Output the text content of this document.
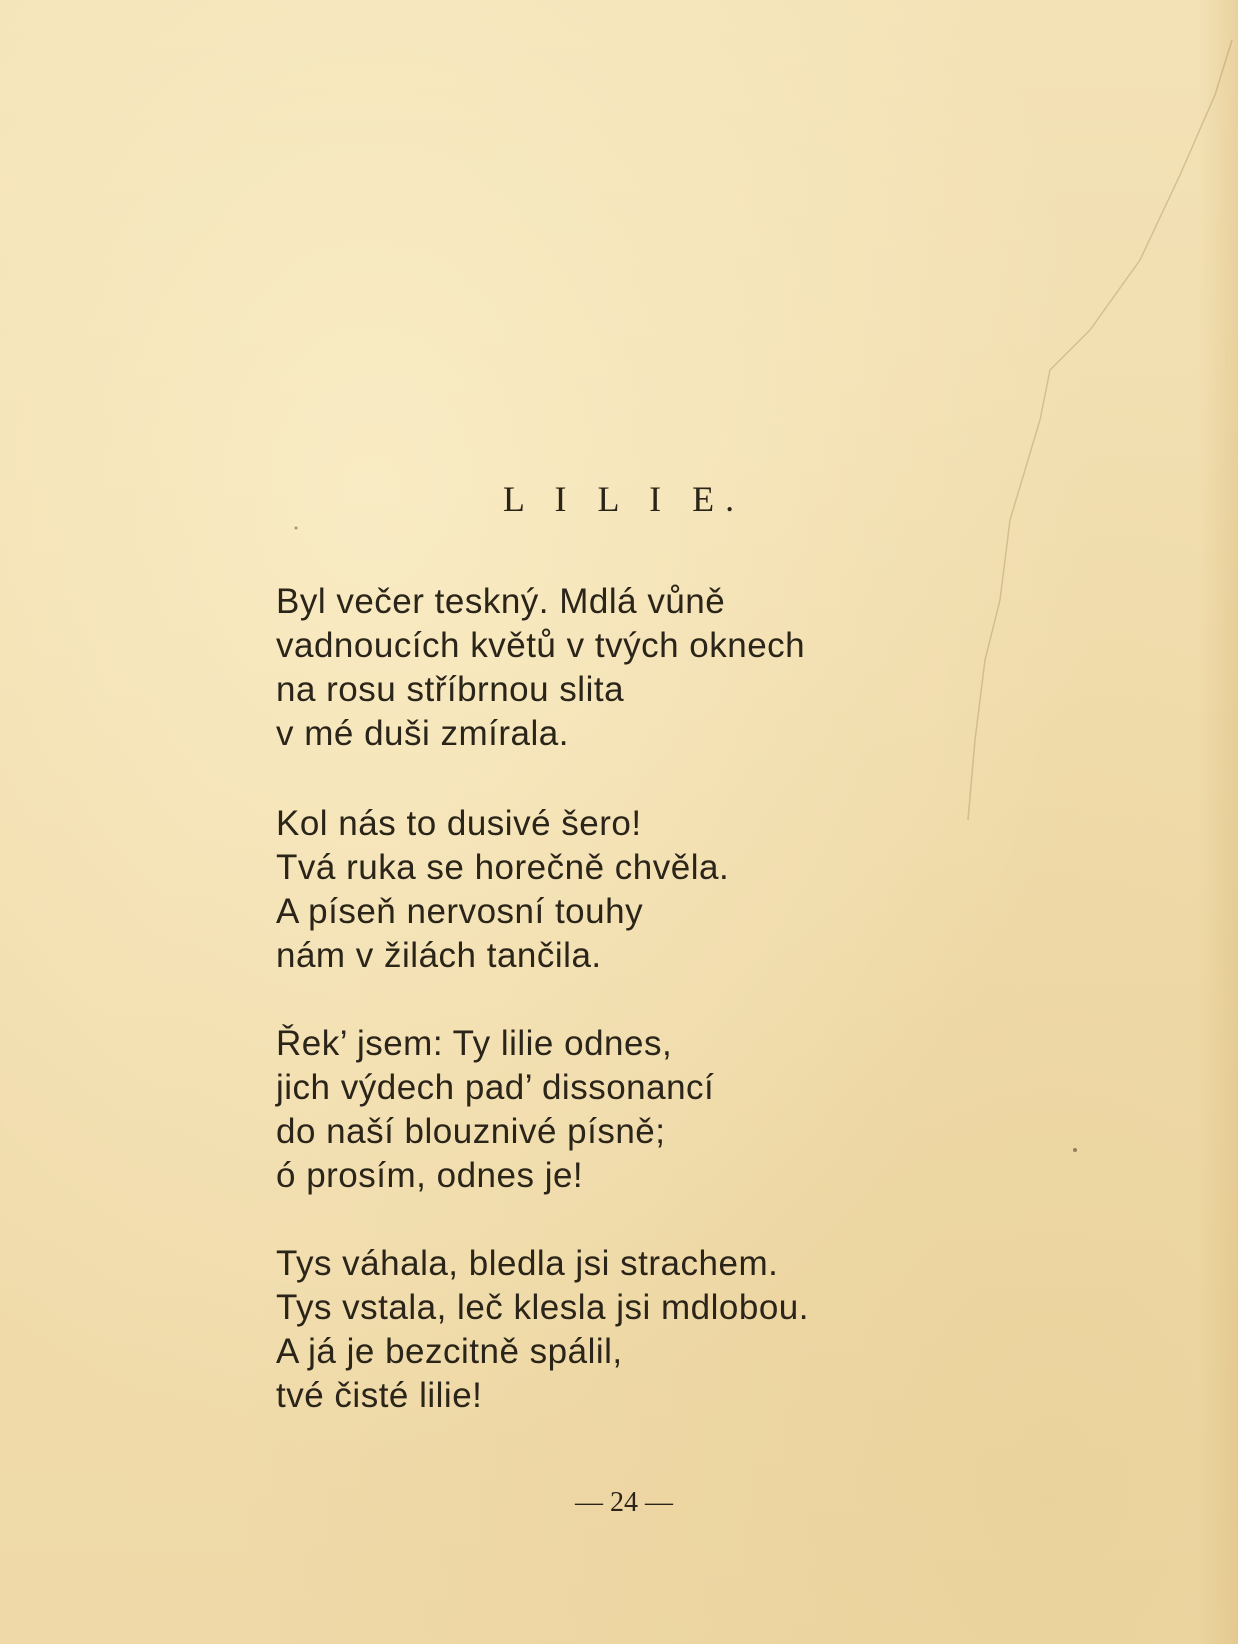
L I L I E.
Byl večer teskný. Mdlá vůně
vadnoucích květů v tvých oknech
na rosu stříbrnou slita
v mé duši zmírala.
Kol nás to dusivé šero!
Tvá ruka se horečně chvěla.
A píseň nervosní touhy
nám v žilách tančila.
Řek’ jsem: Ty lilie odnes,
jich výdech pad’ dissonancí
do naší blouznivé písně;
ó prosím, odnes je!
Tys váhala, bledla jsi strachem.
Tys vstala, leč klesla jsi mdlobou.
A já je bezcitně spálil,
tvé čisté lilie!
— 24 —
